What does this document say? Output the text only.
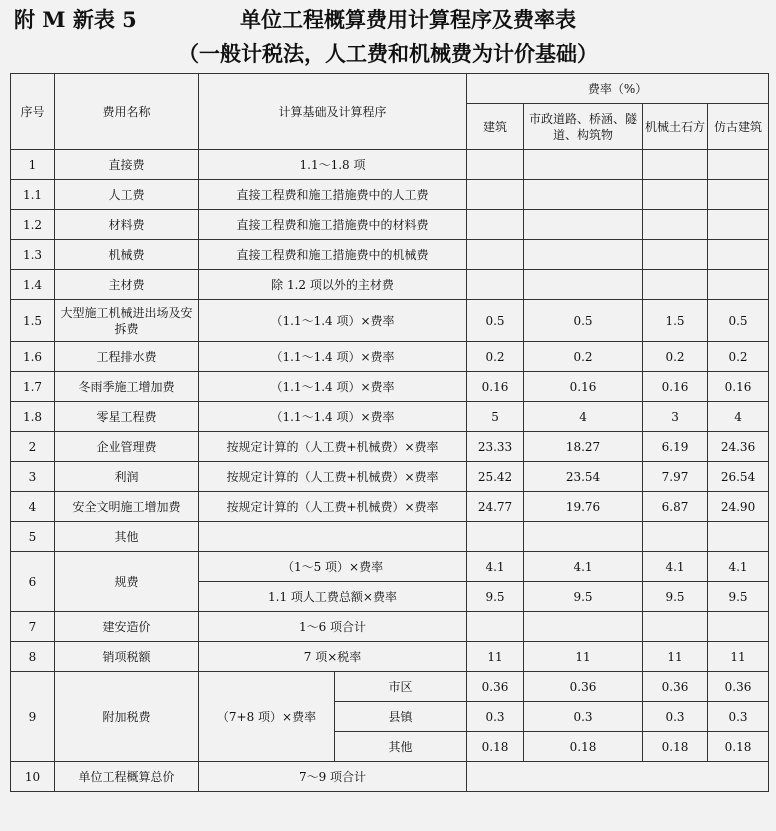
附 M 新表 5	单位工程概算费用计算程序及费率表
（一般计税法，人工费和机械费为计价基础）
序号	费用名称	计算基础及计算程序		费率（%）			
				建筑	市政道路、桥涵、隧道、构筑物	机械土石方	仿古建筑
1	直接费	1.1～1.8 项					
1.1	人工费	直接工程费和施工措施费中的人工费					
1.2	材料费	直接工程费和施工措施费中的材料费					
1.3	机械费	直接工程费和施工措施费中的机械费					
1.4	主材费	除 1.2 项以外的主材费					
1.5	大型施工机械进出场及安拆费	（1.1～1.4 项）×费率		0.5	0.5	1.5	0.5
1.6	工程排水费	（1.1～1.4 项）×费率		0.2	0.2	0.2	0.2
1.7	冬雨季施工增加费	（1.1～1.4 项）×费率		0.16	0.16	0.16	0.16
1.8	零星工程费	（1.1～1.4 项）×费率		5	4	3	4
2	企业管理费	按规定计算的（人工费+机械费）×费率		23.33	18.27	6.19	24.36
3	利润	按规定计算的（人工费+机械费）×费率		25.42	23.54	7.97	26.54
4	安全文明施工增加费	按规定计算的（人工费+机械费）×费率		24.77	19.76	6.87	24.90
5	其他						
6	规费	（1～5 项）×费率		4.1	4.1	4.1	4.1
		1.1 项人工费总额×费率		9.5	9.5	9.5	9.5
7	建安造价	1～6 项合计					
8	销项税额	7 项×税率		11	11	11	11
9	附加税费	（7+8 项）×费率	市区	0.36	0.36	0.36	0.36
			县镇	0.3	0.3	0.3	0.3
			其他	0.18	0.18	0.18	0.18
10	单位工程概算总价	7～9 项合计					
